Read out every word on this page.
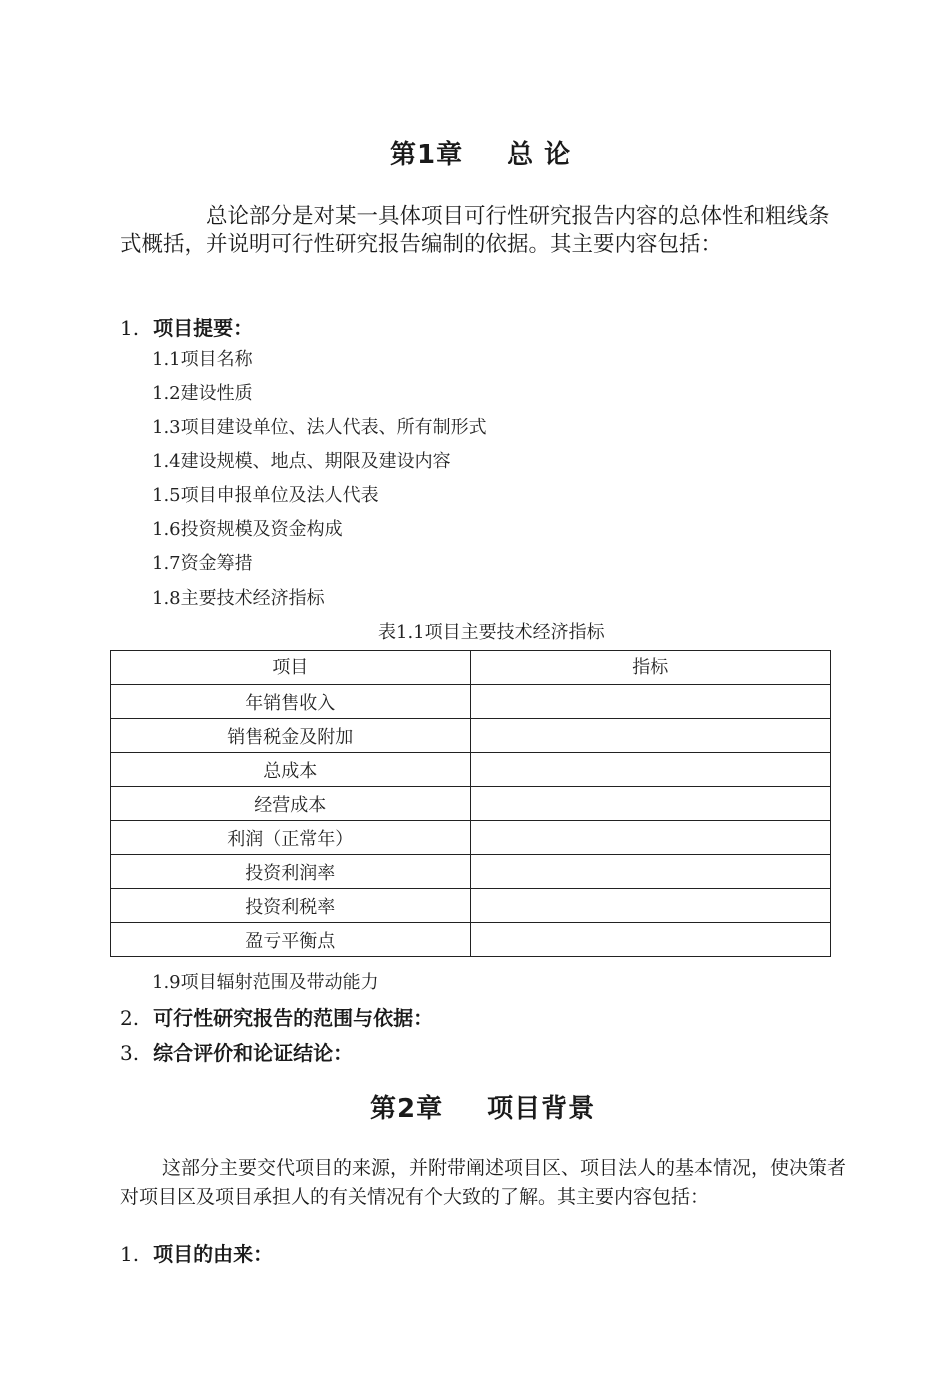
第1章 总 论
总论部分是对某一具体项目可行性研究报告内容的总体性和粗线条式概括，并说明可行性研究报告编制的依据。其主要内容包括：
1. 项目提要：
1.1项目名称
1.2建设性质
1.3项目建设单位、法人代表、所有制形式
1.4建设规模、地点、期限及建设内容
1.5项目申报单位及法人代表
1.6投资规模及资金构成
1.7资金筹措
1.8主要技术经济指标
表1.1项目主要技术经济指标
项目	指标
年销售收入	
销售税金及附加	
总成本	
经营成本	
利润（正常年）	
投资利润率	
投资利税率	
盈亏平衡点	
1.9项目辐射范围及带动能力
2. 可行性研究报告的范围与依据：
3. 综合评价和论证结论：
第2章 项目背景
这部分主要交代项目的来源，并附带阐述项目区、项目法人的基本情况，使决策者对项目区及项目承担人的有关情况有个大致的了解。其主要内容包括：
1. 项目的由来：
